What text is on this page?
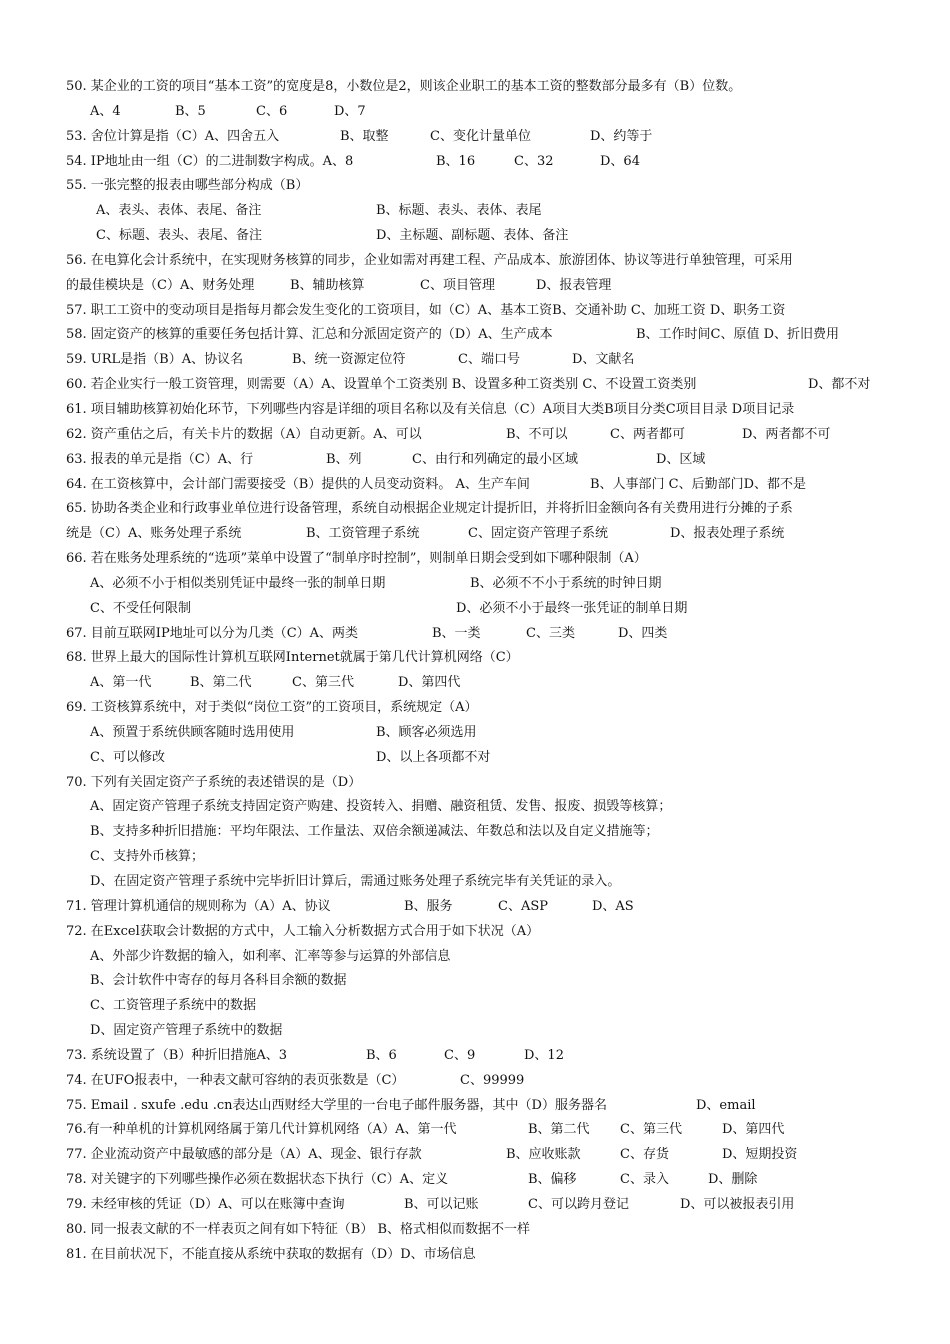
50. 某企业的工资的项目“基本工资”的宽度是8，小数位是2，则该企业职工的基本工资的整数部分最多有（B）位数。
A、4	B、5	C、6	D、7
53. 舍位计算是指（C）A、四舍五入	B、取整	C、变化计量单位	D、约等于
54. IP地址由一组（C）的二进制数字构成。A、8	B、16	C、32	D、64
55. 一张完整的报表由哪些部分构成（B）
A、表头、表体、表尾、备注	B、标题、表头、表体、表尾
C、标题、表头、表尾、备注	D、主标题、副标题、表体、备注
56. 在电算化会计系统中，在实现财务核算的同步，企业如需对再建工程、产品成本、旅游团体、协议等进行单独管理，可采用
的最佳模块是（C）A、财务处理	B、辅助核算	C、项目管理	D、报表管理
57. 职工工资中的变动项目是指每月都会发生变化的工资项目，如（C）A、基本工资B、交通补助 C、加班工资 D、职务工资
58. 固定资产的核算的重要任务包括计算、汇总和分派固定资产的（D）A、生产成本	B、工作时间C、原值 D、折旧费用
59. URL是指（B）A、协议名	B、统一资源定位符	C、端口号	D、文献名
60. 若企业实行一般工资管理，则需要（A）A、设置单个工资类别 B、设置多种工资类别 C、不设置工资类别	D、都不对
61. 项目辅助核算初始化环节，下列哪些内容是详细的项目名称以及有关信息（C）A项目大类B项目分类C项目目录 D项目记录
62. 资产重估之后，有关卡片的数据（A）自动更新。A、可以	B、不可以	C、两者都可	D、两者都不可
63. 报表的单元是指（C）A、行	B、列	C、由行和列确定的最小区域	D、区域
64. 在工资核算中，会计部门需要接受（B）提供的人员变动资料。 A、生产车间	B、人事部门 C、后勤部门D、都不是
65. 协助各类企业和行政事业单位进行设备管理，系统自动根据企业规定计提折旧，并将折旧金额向各有关费用进行分摊的子系
统是（C）A、账务处理子系统	B、工资管理子系统	C、固定资产管理子系统	D、报表处理子系统
66. 若在账务处理系统的“选项”菜单中设置了“制单序时控制”，则制单日期会受到如下哪种限制（A）
A、必须不小于相似类别凭证中最终一张的制单日期	B、必须不不小于系统的时钟日期
C、不受任何限制	D、必须不小于最终一张凭证的制单日期
67. 目前互联网IP地址可以分为几类（C）A、两类	B、一类	C、三类	D、四类
68. 世界上最大的国际性计算机互联网Internet就属于第几代计算机网络（C）
A、第一代	B、第二代	C、第三代	D、第四代
69. 工资核算系统中，对于类似“岗位工资”的工资项目，系统规定（A）
A、预置于系统供顾客随时选用使用	B、顾客必须选用
C、可以修改	D、以上各项都不对
70. 下列有关固定资产子系统的表述错误的是（D）
A、固定资产管理子系统支持固定资产购建、投资转入、捐赠、融资租赁、发售、报废、损毁等核算；
B、支持多种折旧措施：平均年限法、工作量法、双倍余额递减法、年数总和法以及自定义措施等；
C、支持外币核算；
D、在固定资产管理子系统中完毕折旧计算后，需通过账务处理子系统完毕有关凭证的录入。
71. 管理计算机通信的规则称为（A）A、协议	B、服务	C、ASP	D、AS
72. 在Excel获取会计数据的方式中，人工输入分析数据方式合用于如下状况（A）
A、外部少许数据的输入，如利率、汇率等参与运算的外部信息
B、会计软件中寄存的每月各科目余额的数据
C、工资管理子系统中的数据
D、固定资产管理子系统中的数据
73. 系统设置了（B）种折旧措施A、3	B、6	C、9	D、12
74. 在UFO报表中，一种表文献可容纳的表页张数是（C）	C、99999
75. Email . sxufe .edu .cn表达山西财经大学里的一台电子邮件服务器，其中（D）服务器名	D、email
76.有一种单机的计算机网络属于第几代计算机网络（A）A、第一代	B、第二代 C、第三代	D、第四代
77. 企业流动资产中最敏感的部分是（A）A、现金、银行存款	B、应收账款	C、存货	D、短期投资
78. 对关键字的下列哪些操作必须在数据状态下执行（C）A、定义	B、偏移	C、录入	D、删除
79. 未经审核的凭证（D）A、可以在账簿中查询	B、可以记账	C、可以跨月登记	D、可以被报表引用
80. 同一报表文献的不一样表页之间有如下特征（B） B、格式相似而数据不一样
81. 在目前状况下，不能直接从系统中获取的数据有（D）D、市场信息
